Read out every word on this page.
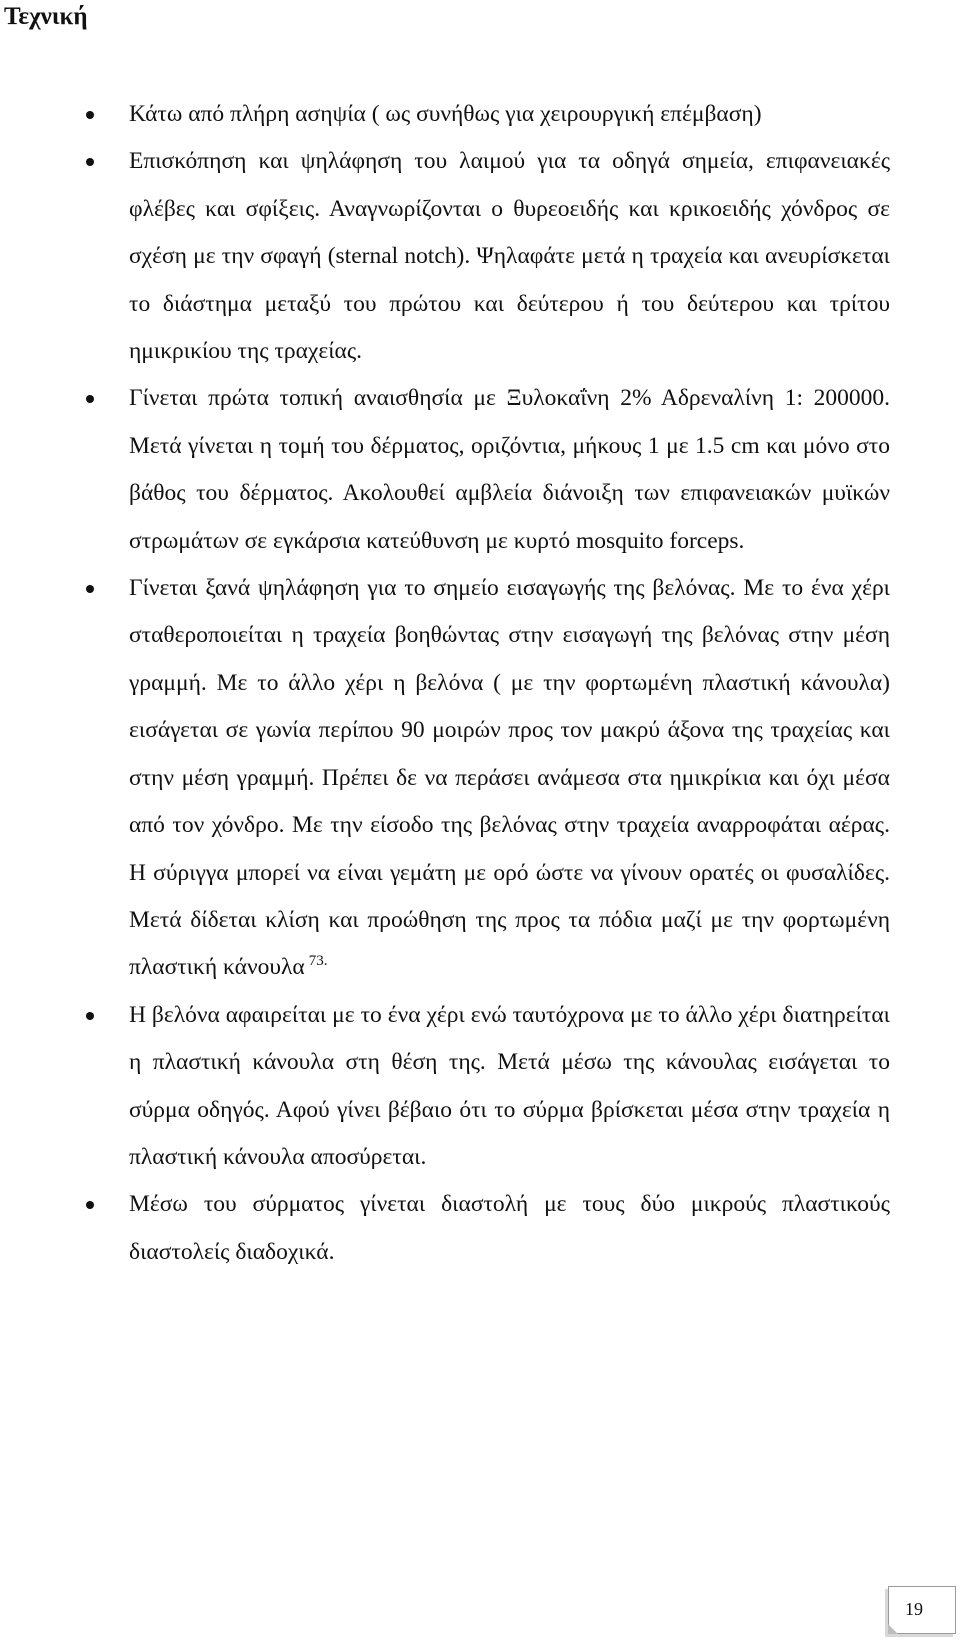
Τεχνική
Κάτω από πλήρη ασηψία ( ως συνήθως για χειρουργική επέμβαση)
Επισκόπηση και ψηλάφηση του λαιμού για τα οδηγά σημεία, επιφανειακές φλέβες και σφίξεις. Αναγνωρίζονται ο θυρεοειδής και κρικοειδής χόνδρος σε σχέση με την σφαγή (sternal notch). Ψηλαφάτε μετά η τραχεία και ανευρίσκεται το διάστημα μεταξύ του πρώτου και δεύτερου ή του δεύτερου και τρίτου ημικρικίου της τραχείας.
Γίνεται πρώτα τοπική αναισθησία με Ξυλοκαΐνη 2% Αδρεναλίνη 1: 200000. Μετά γίνεται η τομή του δέρματος, οριζόντια, μήκους 1 με 1.5 cm και μόνο στο βάθος του δέρματος. Ακολουθεί αμβλεία διάνοιξη των επιφανειακών μυϊκών στρωμάτων σε εγκάρσια κατεύθυνση με κυρτό mosquito forceps.
Γίνεται ξανά ψηλάφηση για το σημείο εισαγωγής της βελόνας. Με το ένα χέρι σταθεροποιείται η τραχεία βοηθώντας στην εισαγωγή της βελόνας στην μέση γραμμή. Με το άλλο χέρι η βελόνα ( με την φορτωμένη πλαστική κάνουλα) εισάγεται σε γωνία περίπου 90 μοιρών προς τον μακρύ άξονα της τραχείας και στην μέση γραμμή. Πρέπει δε να περάσει ανάμεσα στα ημικρίκια και όχι μέσα από τον χόνδρο. Με την είσοδο της βελόνας στην τραχεία αναρροφάται αέρας. Η σύριγγα μπορεί να είναι γεμάτη με ορό ώστε να γίνουν ορατές οι φυσαλίδες. Μετά δίδεται κλίση και προώθηση της προς τα πόδια μαζί με την φορτωμένη πλαστική κάνουλα $^{73.}$
Η βελόνα αφαιρείται με το ένα χέρι ενώ ταυτόχρονα με το άλλο χέρι διατηρείται η πλαστική κάνουλα στη θέση της. Μετά μέσω της κάνουλας εισάγεται το σύρμα οδηγός. Αφού γίνει βέβαιο ότι το σύρμα βρίσκεται μέσα στην τραχεία η πλαστική κάνουλα αποσύρεται.
Μέσω του σύρματος γίνεται διαστολή με τους δύο μικρούς πλαστικούς διαστολείς διαδοχικά.
19
